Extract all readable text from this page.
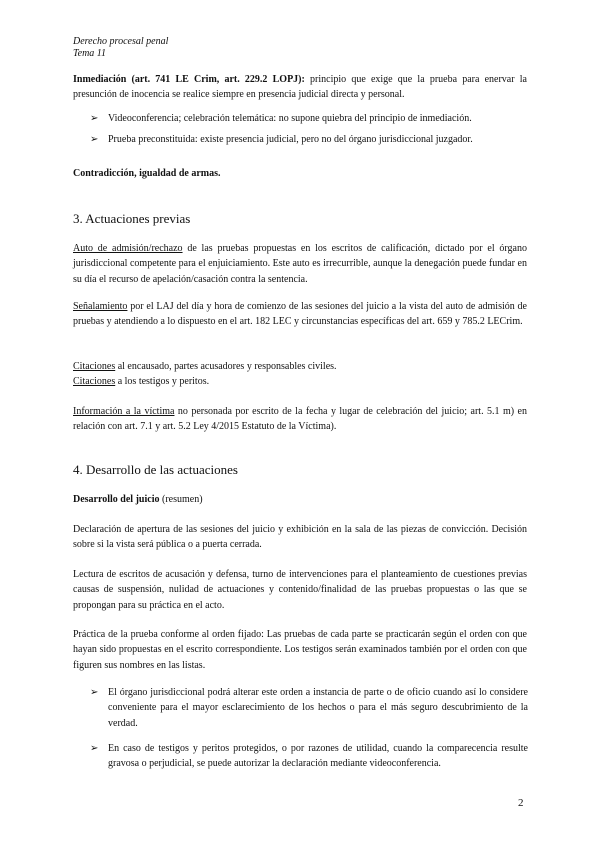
Derecho procesal penal
Tema 11

Inmediación (art. 741 LE Crim, art. 229.2 LOPJ): principio que exige que la prueba para enervar la presunción de inocencia se realice siempre en presencia judicial directa y personal.

➢ Videoconferencia; celebración telemática: no supone quiebra del principio de inmediación.
➢ Prueba preconstituida: existe presencia judicial, pero no del órgano jurisdiccional juzgador.

Contradicción, igualdad de armas.

3. Actuaciones previas

Auto de admisión/rechazo de las pruebas propuestas en los escritos de calificación, dictado por el órgano jurisdiccional competente para el enjuiciamiento. Este auto es irrecurrible, aunque la denegación puede fundar en su día el recurso de apelación/casación contra la sentencia.

Señalamiento por el LAJ del día y hora de comienzo de las sesiones del juicio a la vista del auto de admisión de pruebas y atendiendo a lo dispuesto en el art. 182 LEC y circunstancias específicas del art. 659 y 785.2 LECrim.

Citaciones al encausado, partes acusadores y responsables civiles.

Citaciones a los testigos y peritos.

Información a la víctima no personada por escrito de la fecha y lugar de celebración del juicio; art. 5.1 m) en relación con art. 7.1 y art. 5.2 Ley 4/2015 Estatuto de la Víctima).

4. Desarrollo de las actuaciones

Desarrollo del juicio (resumen)

Declaración de apertura de las sesiones del juicio y exhibición en la sala de las piezas de convicción. Decisión sobre si la vista será pública o a puerta cerrada.

Lectura de escritos de acusación y defensa, turno de intervenciones para el planteamiento de cuestiones previas causas de suspensión, nulidad de actuaciones y contenido/finalidad de las pruebas propuestas o las que se propongan para su práctica en el acto.

Práctica de la prueba conforme al orden fijado: Las pruebas de cada parte se practicarán según el orden con que hayan sido propuestas en el escrito correspondiente. Los testigos serán examinados también por el orden con que figuren sus nombres en las listas.

➢ El órgano jurisdiccional podrá alterar este orden a instancia de parte o de oficio cuando así lo considere conveniente para el mayor esclarecimiento de los hechos o para el más seguro descubrimiento de la verdad.
➢ En caso de testigos y peritos protegidos, o por razones de utilidad, cuando la comparecencia resulte gravosa o perjudicial, se puede autorizar la declaración mediante videoconferencia.
2
